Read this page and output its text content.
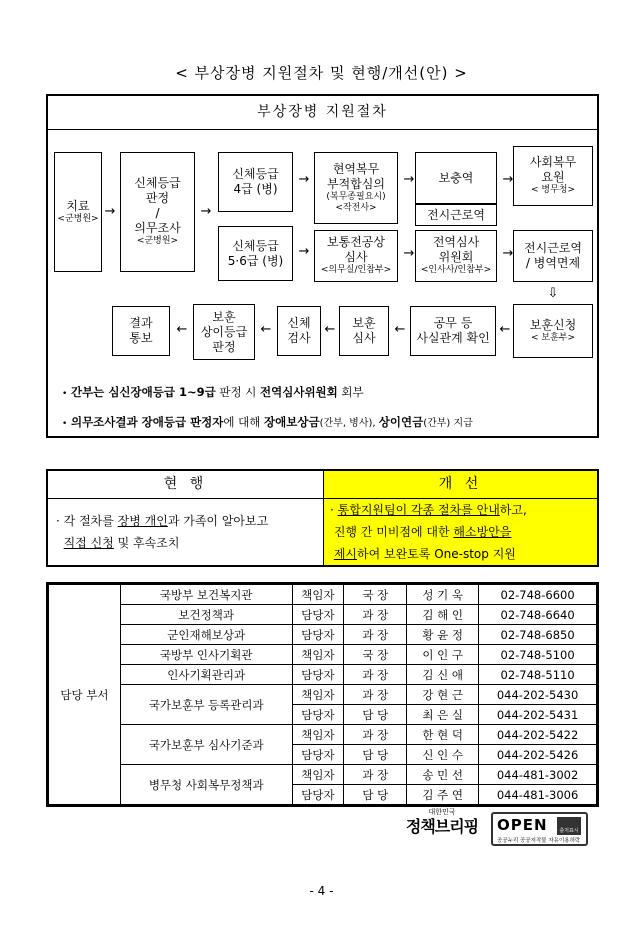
< 부상장병 지원절차 및 현행/개선(안) >
부상장병 지원절차
치료
<군병원> →
신체등급
판정
/
의무조사
<군병원>
→
신체등급
4급 (병)
신체등급
5·6급 (병)
→
→
현역복무
부적합심의
(복무종필요시)
<작전사>
보통전공상
심사
<의무실/인참부>
→
→
보충역
전시근로역
전역심사
위원회
<인사사/인참부>
→
→
사회복무
요원
< 병무청>
전시근로역
/ 병역면제
⇩
보훈신청
< 보훈부>
←
공무 등
사실관계 확인
←
보훈
심사
←
신체
검사
←
보훈
상이등급
판정
←
결과
통보
• 간부는 심신장애등급 1∼9급 판정 시 전역심사위원회 회부
• 의무조사결과 장애등급 판정자에 대해 장애보상금(간부, 병사), 상이연금(간부) 지급
현 행	개 선
· 각 절차를 장병 개인과 가족이 알아보고
직접 신청 및 후속조치
· 통합지원팀이 각종 절차를 안내하고,
진행 간 미비점에 대한 해소방안을
제시하여 보완토록 One-stop 지원
담당 부서	국방부 보건복지관	책임자	국 장	성 기 욱	02-748-6600
	보건정책과	담당자	과 장	김 해 인	02-748-6640
	군인재해보상과	담당자	과 장	황 윤 정	02-748-6850
	국방부 인사기획관	책임자	국 장	이 인 구	02-748-5100
	인사기획관리과	담당자	과 장	김 신 애	02-748-5110
	국가보훈부 등록관리과	책임자	과 장	강 현 근	044-202-5430
		담당자	담 당	최 은 실	044-202-5431
	국가보훈부 심사기준과	책임자	과 장	한 현 덕	044-202-5422
		담당자	담 당	신 인 수	044-202-5426
	병무청 사회복무정책과	책임자	과 장	송 민 선	044-481-3002
		담당자	담 당	김 주 연	044-481-3006
대한민국
정책브리핑	OPEN	출처표시
공공누리 공공저작물 자유이용허락
- 4 -
